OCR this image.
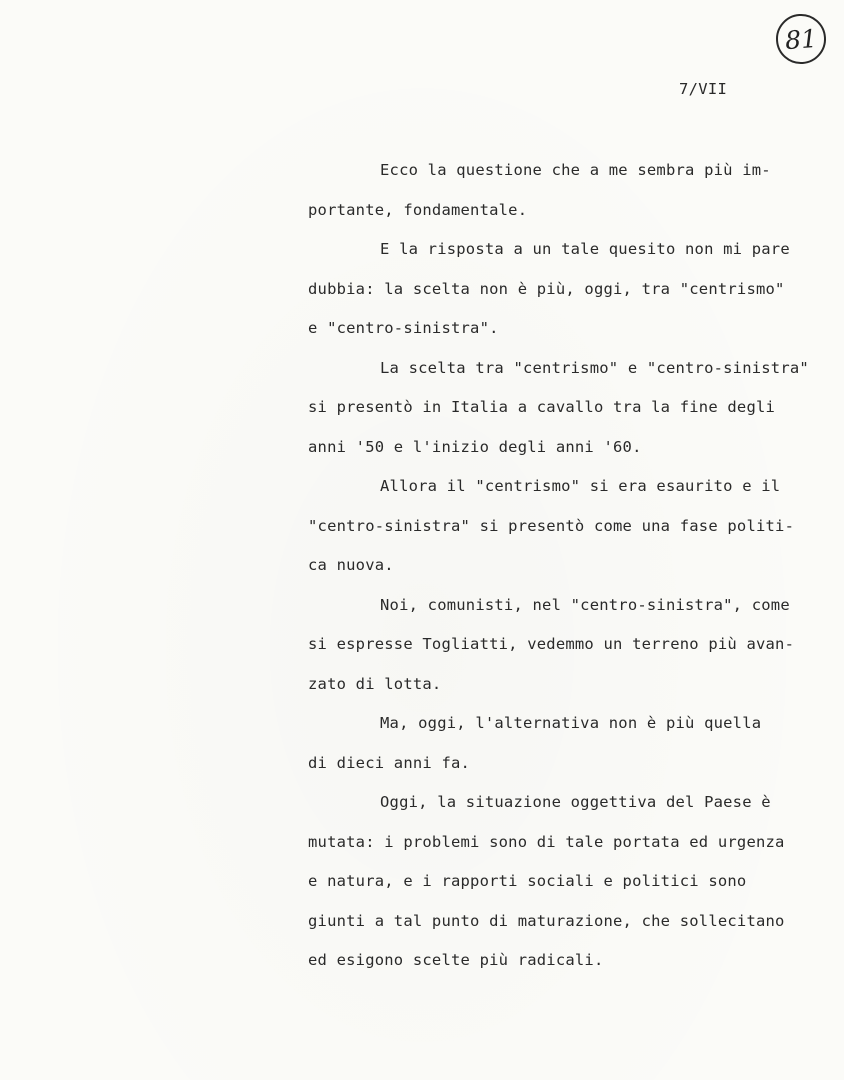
81
7/VII
Ecco la questione che a me sembra più im-
portante, fondamentale.
E la risposta a un tale quesito non mi pare
dubbia: la scelta non è più, oggi, tra "centrismo"
e "centro-sinistra".
La scelta tra "centrismo" e "centro-sinistra"
si presentò in Italia a cavallo tra la fine degli
anni '50 e l'inizio degli anni '60.
Allora il "centrismo" si era esaurito e il
"centro-sinistra" si presentò come una fase politi-
ca nuova.
Noi, comunisti, nel "centro-sinistra", come
si espresse Togliatti, vedemmo un terreno più avan-
zato di lotta.
Ma, oggi, l'alternativa non è più quella
di dieci anni fa.
Oggi, la situazione oggettiva del Paese è
mutata: i problemi sono di tale portata ed urgenza
e natura, e i rapporti sociali e politici sono
giunti a tal punto di maturazione, che sollecitano
ed esigono scelte più radicali.
